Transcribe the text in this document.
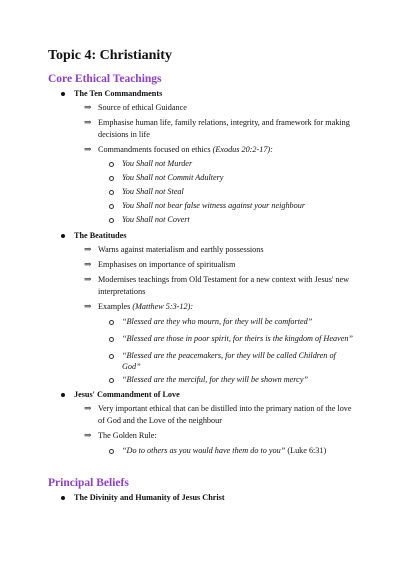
Topic 4: Christianity
Core Ethical Teachings
The Ten Commandments
⇒ Source of ethical Guidance
⇒ Emphasise human life, family relations, integrity, and framework for making
decisions in life
⇒ Commandments focused on ethics (Exodus 20:2-17):
You Shall not Murder
You Shall not Commit Adultery
You Shall not Steal
You Shall not bear false witness against your neighbour
You Shall not Covert
The Beatitudes
⇒ Warns against materialism and earthly possessions
⇒ Emphasises on importance of spiritualism
⇒ Modernises teachings from Old Testament for a new context with Jesus' new
interpretations
⇒ Examples (Matthew 5:3-12):
“Blessed are they who mourn, for they will be comforted”
“Blessed are those in poor spirit, for theirs is the kingdom of Heaven”
“Blessed are the peacemakers, for they will be called Children of
God”
“Blessed are the merciful, for they will be shown mercy”
Jesus' Commandment of Love
⇒ Very important ethical that can be distilled into the primary nation of the love
of God and the Love of the neighbour
⇒ The Golden Rule:
“Do to others as you would have them do to you” (Luke 6:31)
Principal Beliefs
The Divinity and Humanity of Jesus Christ
